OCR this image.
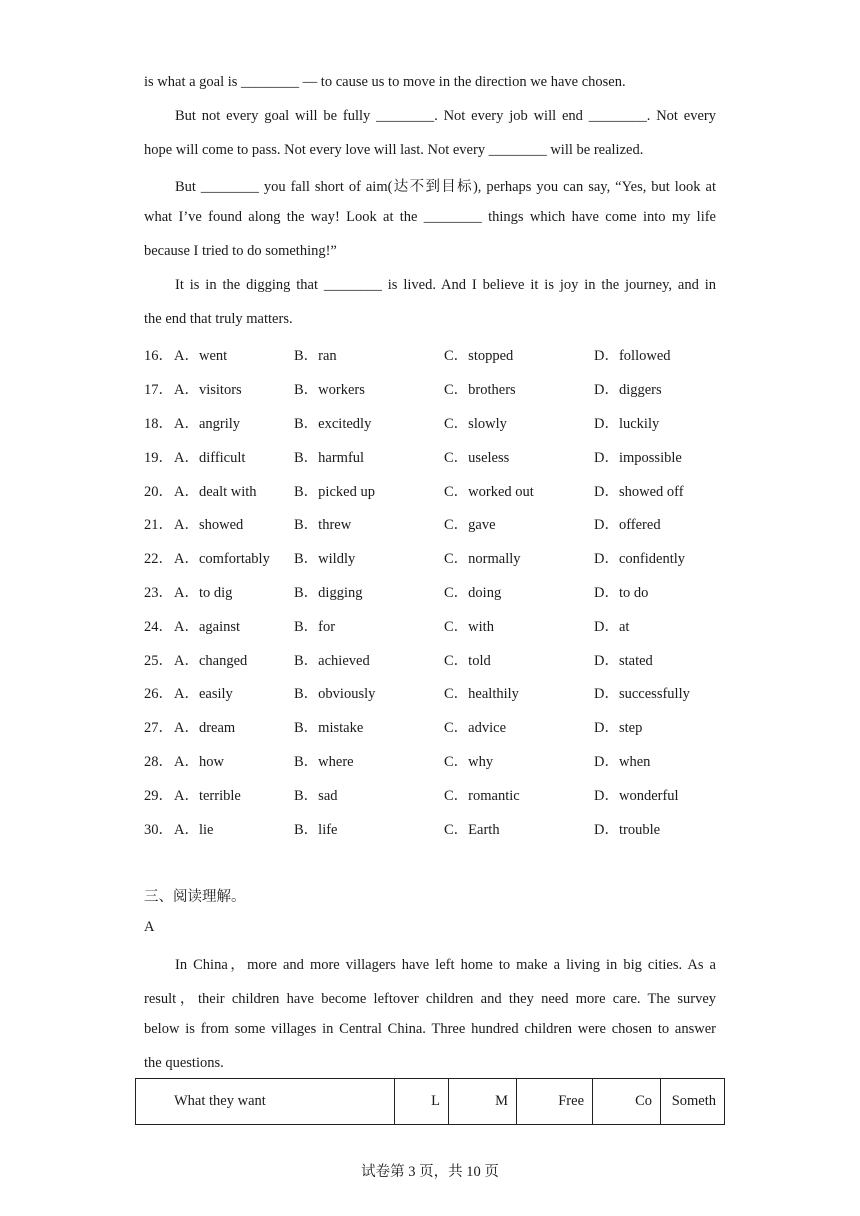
is what a goal is ________ — to cause us to move in the direction we have chosen.
But not every goal will be fully ________. Not every job will end ________. Not every
hope will come to pass. Not every love will last. Not every ________ will be realized.
But ________ you fall short of aim(达不到目标), perhaps you can say, “Yes, but look at
what I’ve found along the way! Look at the ________ things which have come into my life
because I tried to do something!”
It is in the digging that ________ is lived. And I believe it is joy in the journey, and in
the end that truly matters.
16． A．went	B．ran	C．stopped	D．followed
17． A．visitors	B．workers	C．brothers	D．diggers
18． A．angrily	B．excitedly	C．slowly	D．luckily
19． A．difficult	B．harmful	C．useless	D．impossible
20． A．dealt with	B．picked up	C．worked out	D．showed off
21． A．showed	B．threw	C．gave	D．offered
22． A．comfortably B．wildly	C．normally	D．confidently
23． A．to dig	B．digging	C．doing	D．to do
24． A．against	B．for	C．with	D．at
25． A．changed	B．achieved	C．told	D．stated
26． A．easily	B．obviously	C．healthily	D．successfully
27． A．dream	B．mistake	C．advice	D．step
28． A．how	B．where	C．why	D．when
29． A．terrible	B．sad	C．romantic	D．wonderful
30． A．lie	B．life	C．Earth	D．trouble
三、阅读理解。
A
In China，more and more villagers have left home to make a living in big cities. As a
result，their children have become leftover children and they need more care. The survey
below is from some villages in Central China. Three hundred children were chosen to answer
the questions.
What they want	L	M	Free	Co	Someth
试卷第 3 页，共 10 页
